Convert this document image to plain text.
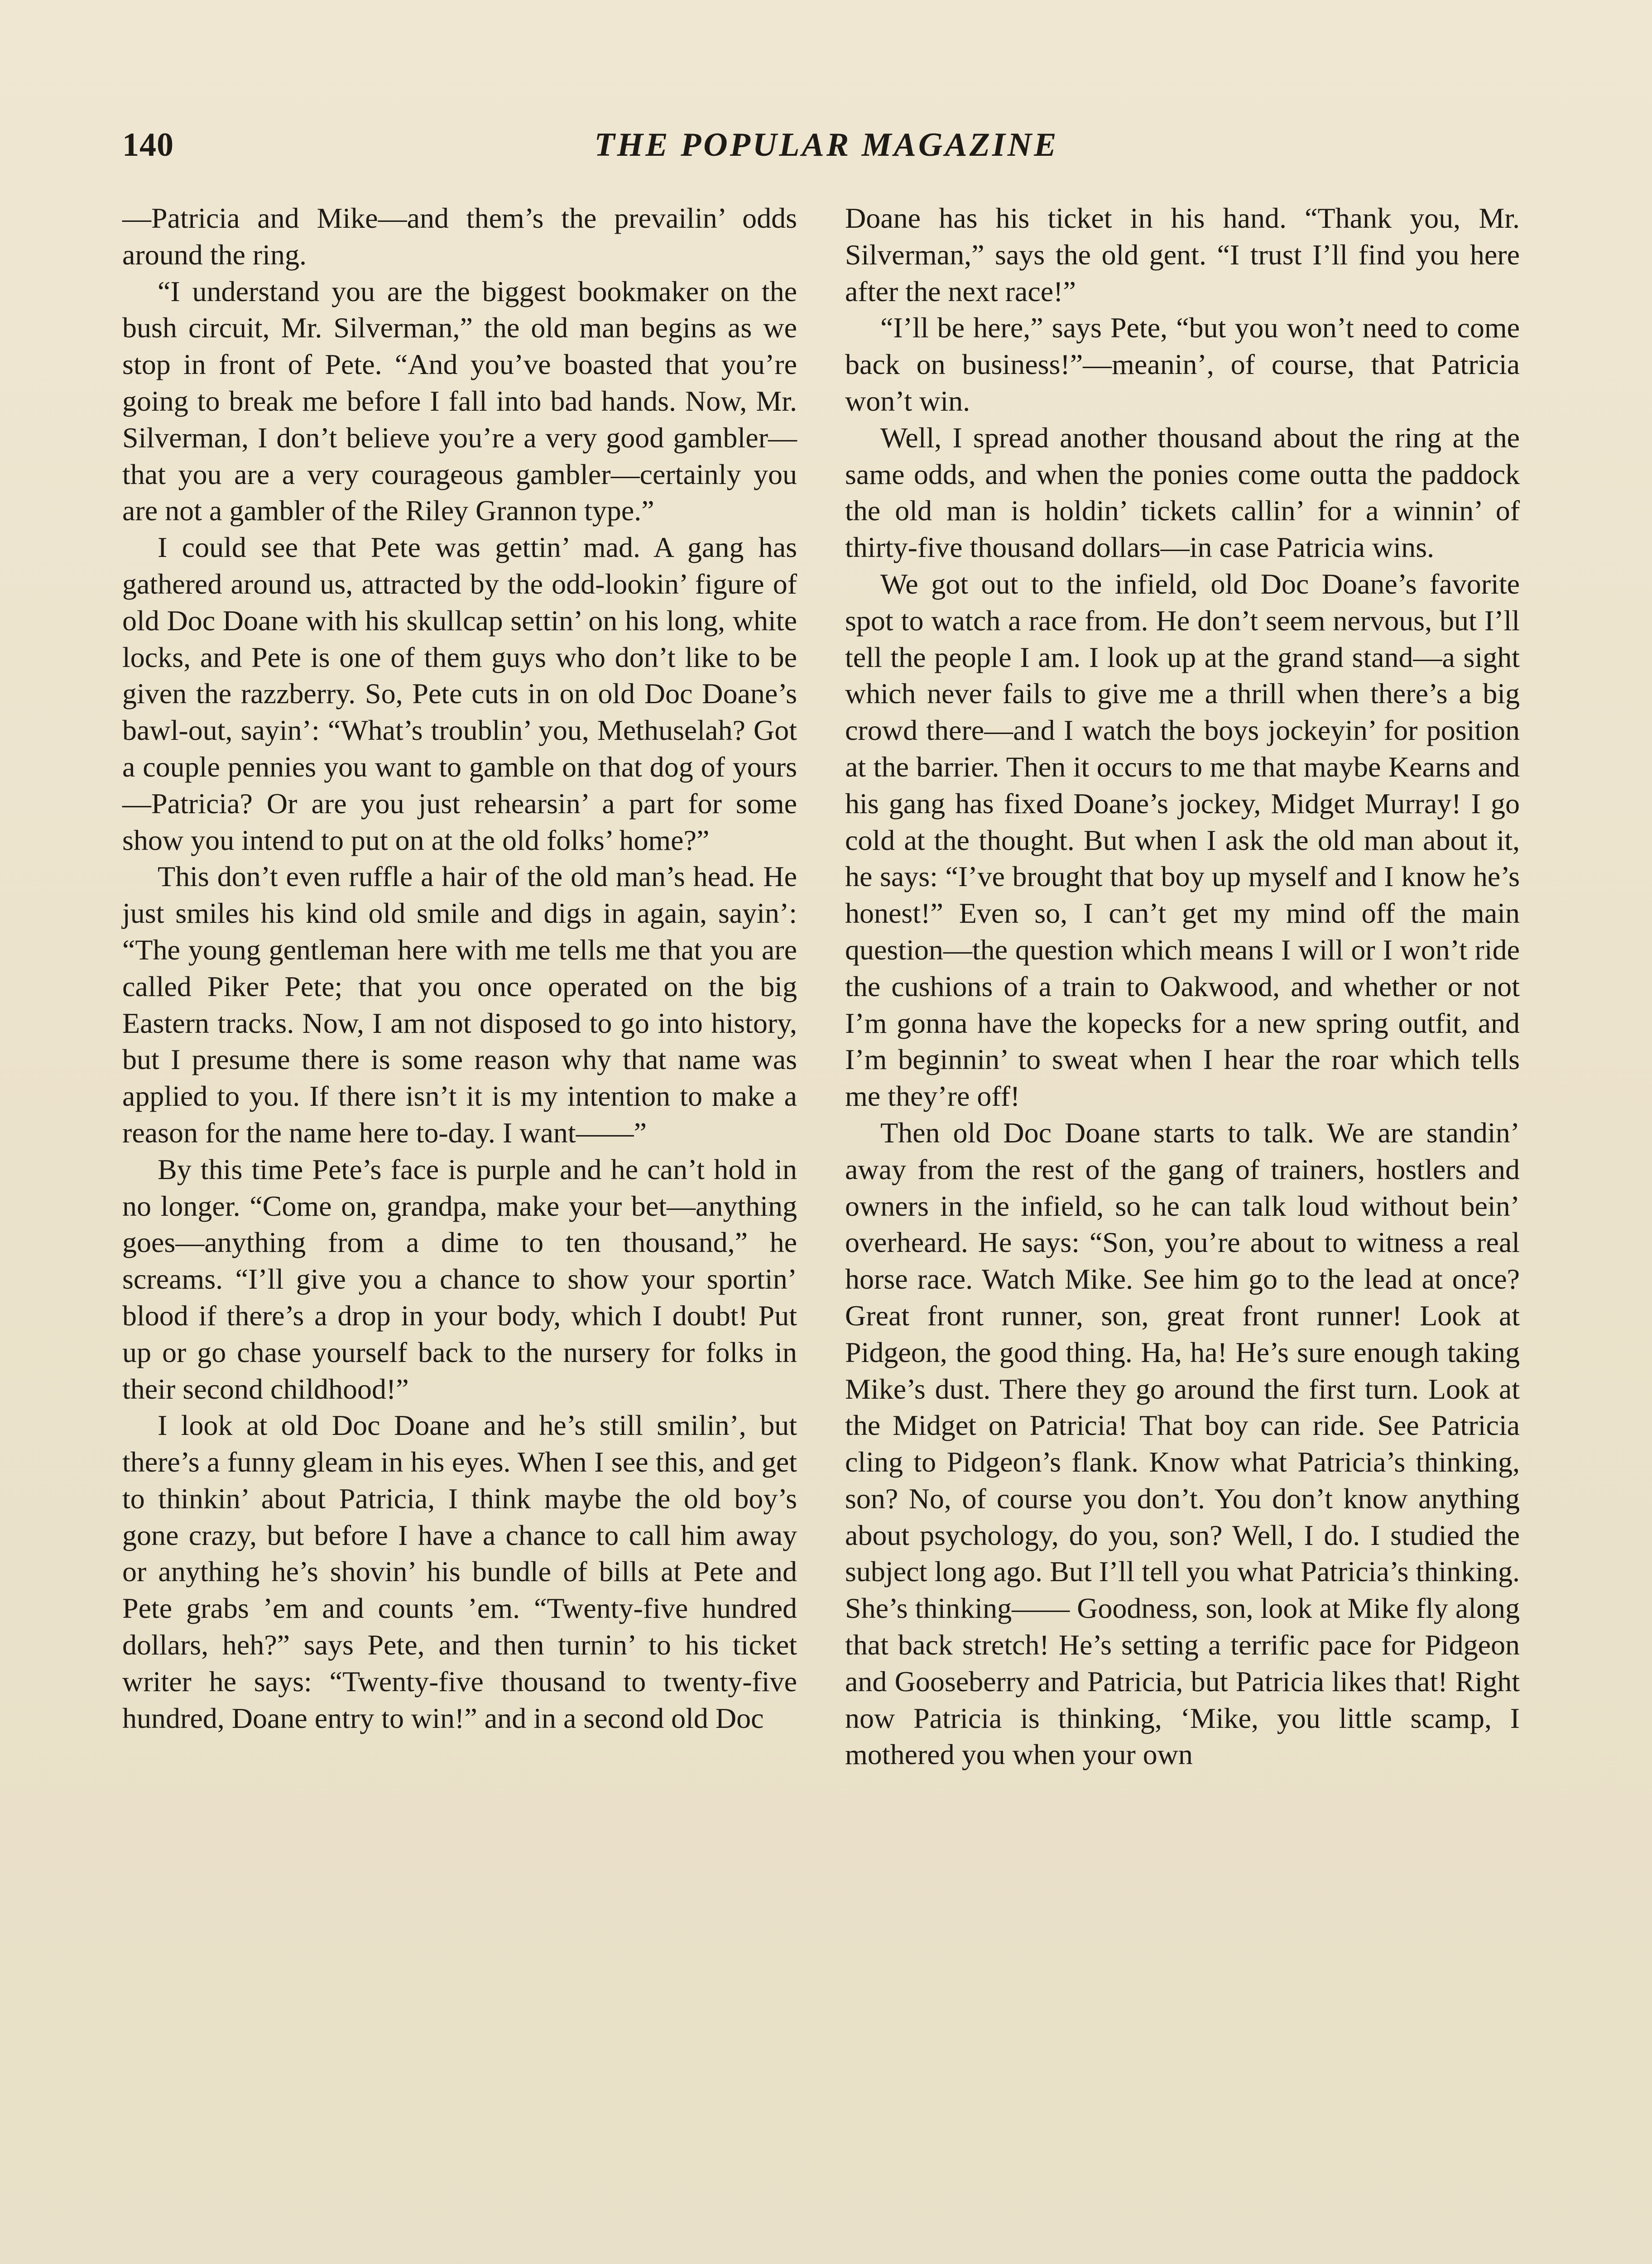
140	THE POPULAR MAGAZINE

—Patricia and Mike—and them’s the prevailin’ odds around the ring.

“I understand you are the biggest bookmaker on the bush circuit, Mr. Silverman,” the old man begins as we stop in front of Pete. “And you’ve boasted that you’re going to break me before I fall into bad hands. Now, Mr. Silverman, I don’t believe you’re a very good gambler—that you are a very courageous gambler—certainly you are not a gambler of the Riley Grannon type.”

I could see that Pete was gettin’ mad. A gang has gathered around us, attracted by the odd-lookin’ figure of old Doc Doane with his skullcap settin’ on his long, white locks, and Pete is one of them guys who don’t like to be given the razzberry. So, Pete cuts in on old Doc Doane’s bawl-out, sayin’: “What’s troublin’ you, Methuselah? Got a couple pennies you want to gamble on that dog of yours—Patricia? Or are you just rehearsin’ a part for some show you intend to put on at the old folks’ home?”

This don’t even ruffle a hair of the old man’s head. He just smiles his kind old smile and digs in again, sayin’: “The young gentleman here with me tells me that you are called Piker Pete; that you once operated on the big Eastern tracks. Now, I am not disposed to go into history, but I presume there is some reason why that name was applied to you. If there isn’t it is my intention to make a reason for the name here to-day. I want——”

By this time Pete’s face is purple and he can’t hold in no longer. “Come on, grandpa, make your bet—anything goes—anything from a dime to ten thousand,” he screams. “I’ll give you a chance to show your sportin’ blood if there’s a drop in your body, which I doubt! Put up or go chase yourself back to the nursery for folks in their second childhood!”

I look at old Doc Doane and he’s still smilin’, but there’s a funny gleam in his eyes. When I see this, and get to thinkin’ about Patricia, I think maybe the old boy’s gone crazy, but before I have a chance to call him away or anything he’s shovin’ his bundle of bills at Pete and Pete grabs ’em and counts ’em. “Twenty-five hundred dollars, heh?” says Pete, and then turnin’ to his ticket writer he says: “Twenty-five thousand to twenty-five hundred, Doane entry to win!” and in a second old Doc

Doane has his ticket in his hand. “Thank you, Mr. Silverman,” says the old gent. “I trust I’ll find you here after the next race!”

“I’ll be here,” says Pete, “but you won’t need to come back on business!”—meanin’, of course, that Patricia won’t win.

Well, I spread another thousand about the ring at the same odds, and when the ponies come outta the paddock the old man is holdin’ tickets callin’ for a winnin’ of thirty-five thousand dollars—in case Patricia wins.

We got out to the infield, old Doc Doane’s favorite spot to watch a race from. He don’t seem nervous, but I’ll tell the people I am. I look up at the grand stand—a sight which never fails to give me a thrill when there’s a big crowd there—and I watch the boys jockeyin’ for position at the barrier. Then it occurs to me that maybe Kearns and his gang has fixed Doane’s jockey, Midget Murray! I go cold at the thought. But when I ask the old man about it, he says: “I’ve brought that boy up myself and I know he’s honest!” Even so, I can’t get my mind off the main question—the question which means I will or I won’t ride the cushions of a train to Oakwood, and whether or not I’m gonna have the kopecks for a new spring outfit, and I’m beginnin’ to sweat when I hear the roar which tells me they’re off!

Then old Doc Doane starts to talk. We are standin’ away from the rest of the gang of trainers, hostlers and owners in the infield, so he can talk loud without bein’ overheard. He says: “Son, you’re about to witness a real horse race. Watch Mike. See him go to the lead at once? Great front runner, son, great front runner! Look at Pidgeon, the good thing. Ha, ha! He’s sure enough taking Mike’s dust. There they go around the first turn. Look at the Midget on Patricia! That boy can ride. See Patricia cling to Pidgeon’s flank. Know what Patricia’s thinking, son? No, of course you don’t. You don’t know anything about psychology, do you, son? Well, I do. I studied the subject long ago. But I’ll tell you what Patricia’s thinking. She’s thinking—— Goodness, son, look at Mike fly along that back stretch! He’s setting a terrific pace for Pidgeon and Gooseberry and Patricia, but Patricia likes that! Right now Patricia is thinking, ‘Mike, you little scamp, I mothered you when your own
